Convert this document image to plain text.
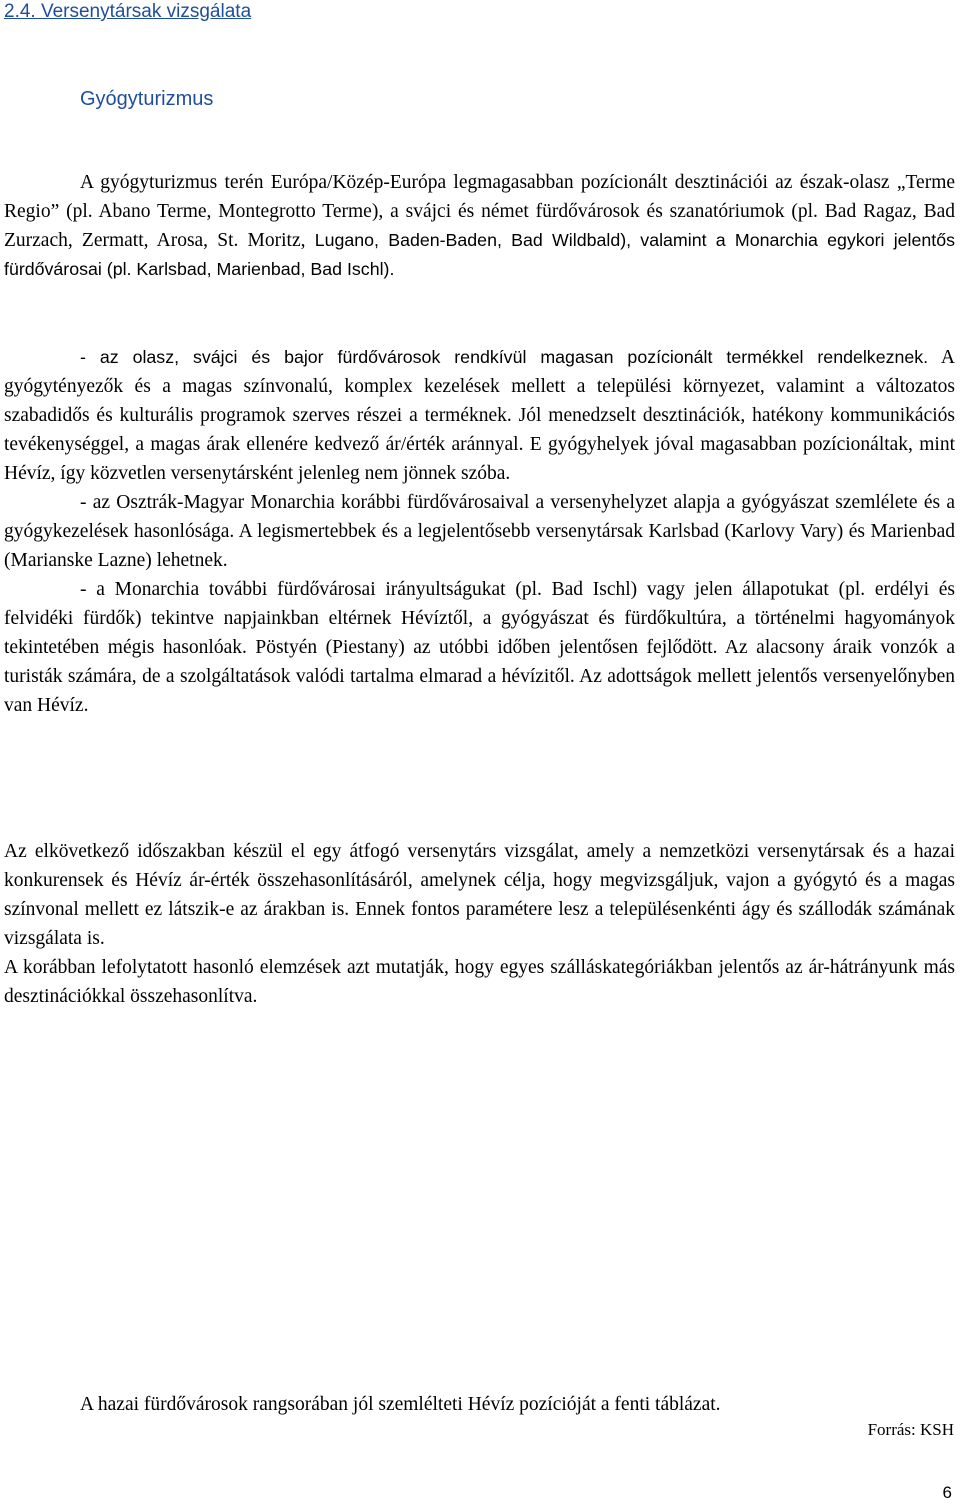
2.4. Versenytársak vizsgálata
Gyógyturizmus
A gyógyturizmus terén Európa/Közép-Európa legmagasabban pozícionált desztinációi az észak-olasz „Terme Regio” (pl. Abano Terme, Montegrotto Terme), a svájci és német fürdővárosok és szanatóriumok (pl. Bad Ragaz, Bad Zurzach, Zermatt, Arosa, St. Moritz, Lugano, Baden-Baden, Bad Wildbald), valamint a Monarchia egykori jelentős fürdővárosai (pl. Karlsbad, Marienbad, Bad Ischl).

- az olasz, svájci és bajor fürdővárosok rendkívül magasan pozícionált termékkel rendelkeznek. A gyógytényezők és a magas színvonalú, komplex kezelések mellett a települési környezet, valamint a változatos szabadidős és kulturális programok szerves részei a terméknek. Jól menedzselt desztinációk, hatékony kommunikációs tevékenységgel, a magas árak ellenére kedvező ár/érték aránnyal. E gyógyhelyek jóval magasabban pozícionáltak, mint Hévíz, így közvetlen versenytársként jelenleg nem jönnek szóba.

- az Osztrák-Magyar Monarchia korábbi fürdővárosaival a versenyhelyzet alapja a gyógyászat szemlélete és a gyógykezelések hasonlósága. A legismertebbek és a legjelentősebb versenytársak Karlsbad (Karlovy Vary) és Marienbad (Marianske Lazne) lehetnek.

- a Monarchia további fürdővárosai irányultságukat (pl. Bad Ischl) vagy jelen állapotukat (pl. erdélyi és felvidéki fürdők) tekintve napjainkban eltérnek Hévíztől, a gyógyászat és fürdőkultúra, a történelmi hagyományok tekintetében mégis hasonlóak. Pöstyén (Piestany) az utóbbi időben jelentősen fejlődött. Az alacsony áraik vonzók a turisták számára, de a szolgáltatások valódi tartalma elmarad a hévízitől. Az adottságok mellett jelentős versenyelőnyben van Hévíz.

Az elkövetkező időszakban készül el egy átfogó versenytárs vizsgálat, amely a nemzetközi versenytársak és a hazai konkurensek és Hévíz ár-érték összehasonlításáról, amelynek célja, hogy megvizsgáljuk, vajon a gyógytó és a magas színvonal mellett ez látszik-e az árakban is. Ennek fontos paramétere lesz a településenkénti ágy és szállodák számának vizsgálata is.

A korábban lefolytatott hasonló elemzések azt mutatják, hogy egyes szálláskategóriákban jelentős az ár-hátrányunk más desztinációkkal összehasonlítva.

A hazai fürdővárosok rangsorában jól szemlélteti Hévíz pozícióját a fenti táblázat.
Forrás: KSH
6
